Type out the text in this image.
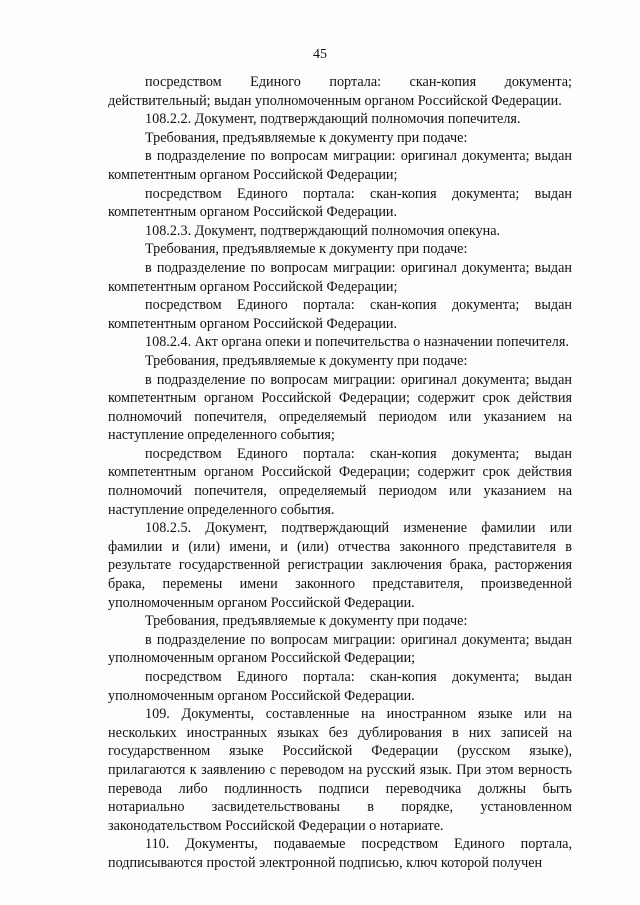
45

посредством Единого портала: скан-копия документа; действительный; выдан уполномоченным органом Российской Федерации.

108.2.2. Документ, подтверждающий полномочия попечителя.

Требования, предъявляемые к документу при подаче:

в подразделение по вопросам миграции: оригинал документа; выдан компетентным органом Российской Федерации;

посредством Единого портала: скан-копия документа; выдан компетентным органом Российской Федерации.

108.2.3. Документ, подтверждающий полномочия опекуна.

Требования, предъявляемые к документу при подаче:

в подразделение по вопросам миграции: оригинал документа; выдан компетентным органом Российской Федерации;

посредством Единого портала: скан-копия документа; выдан компетентным органом Российской Федерации.

108.2.4. Акт органа опеки и попечительства о назначении попечителя.

Требования, предъявляемые к документу при подаче:

в подразделение по вопросам миграции: оригинал документа; выдан компетентным органом Российской Федерации; содержит срок действия полномочий попечителя, определяемый периодом или указанием на наступление определенного события;

посредством Единого портала: скан-копия документа; выдан компетентным органом Российской Федерации; содержит срок действия полномочий попечителя, определяемый периодом или указанием на наступление определенного события.

108.2.5. Документ, подтверждающий изменение фамилии или фамилии и (или) имени, и (или) отчества законного представителя в результате государственной регистрации заключения брака, расторжения брака, перемены имени законного представителя, произведенной уполномоченным органом Российской Федерации.

Требования, предъявляемые к документу при подаче:

в подразделение по вопросам миграции: оригинал документа; выдан уполномоченным органом Российской Федерации;

посредством Единого портала: скан-копия документа; выдан уполномоченным органом Российской Федерации.

109. Документы, составленные на иностранном языке или на нескольких иностранных языках без дублирования в них записей на государственном языке Российской Федерации (русском языке), прилагаются к заявлению с переводом на русский язык. При этом верность перевода либо подлинность подписи переводчика должны быть нотариально засвидетельствованы в порядке, установленном законодательством Российской Федерации о нотариате.

110. Документы, подаваемые посредством Единого портала, подписываются простой электронной подписью, ключ которой получен
